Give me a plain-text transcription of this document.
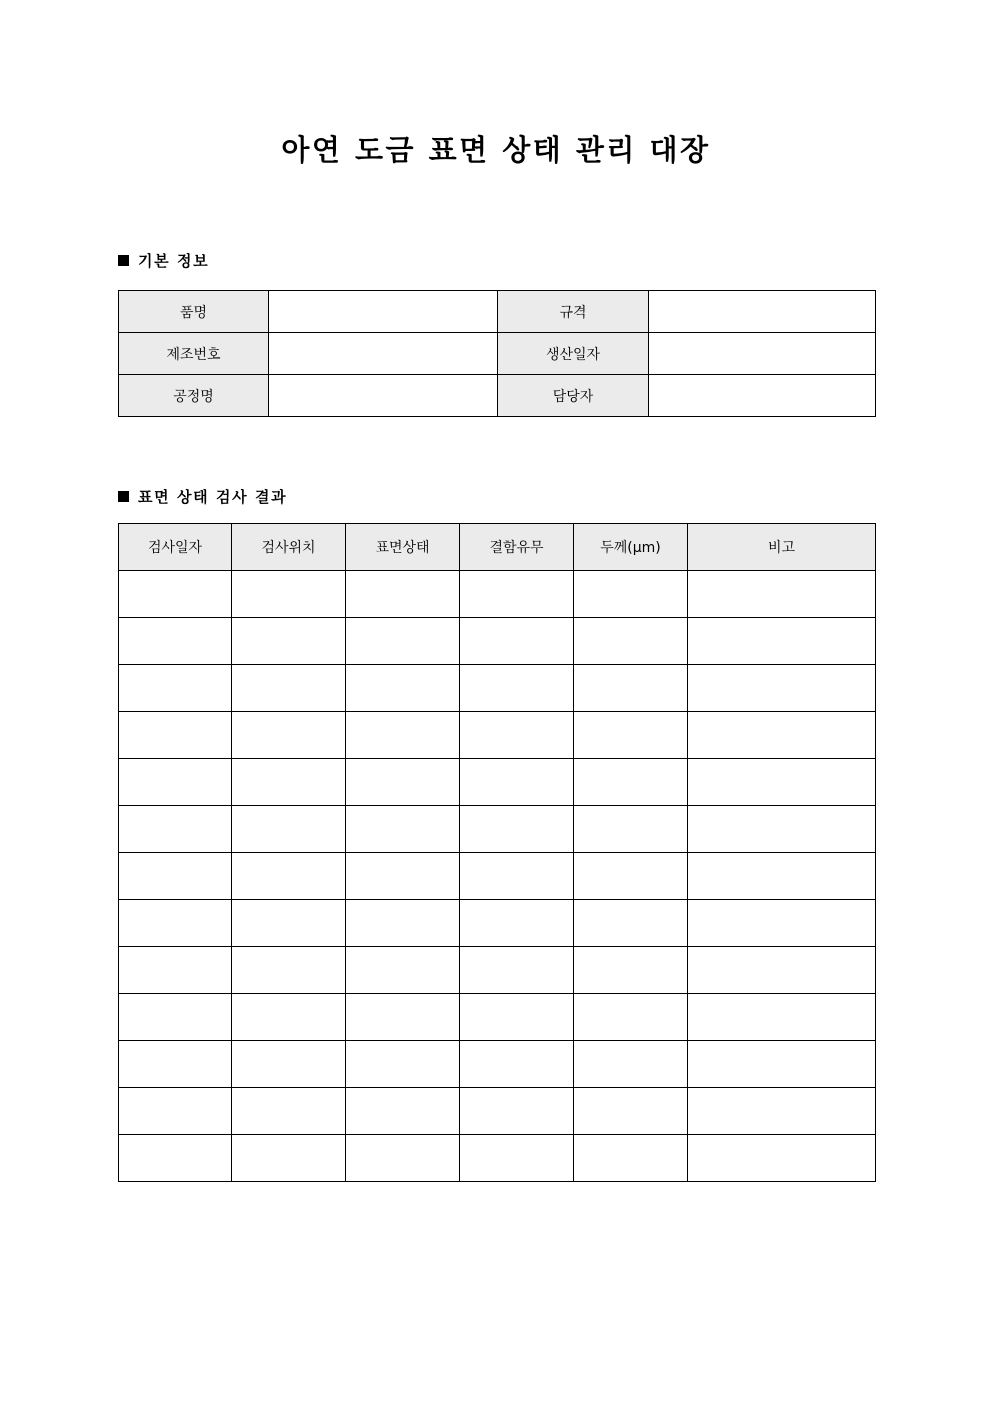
아연 도금 표면 상태 관리 대장
기본 정보
품명		규격	
제조번호		생산일자	
공정명		담당자	
표면 상태 검사 결과
검사일자	검사위치	표면상태	결함유무	두께(μm)	비고
